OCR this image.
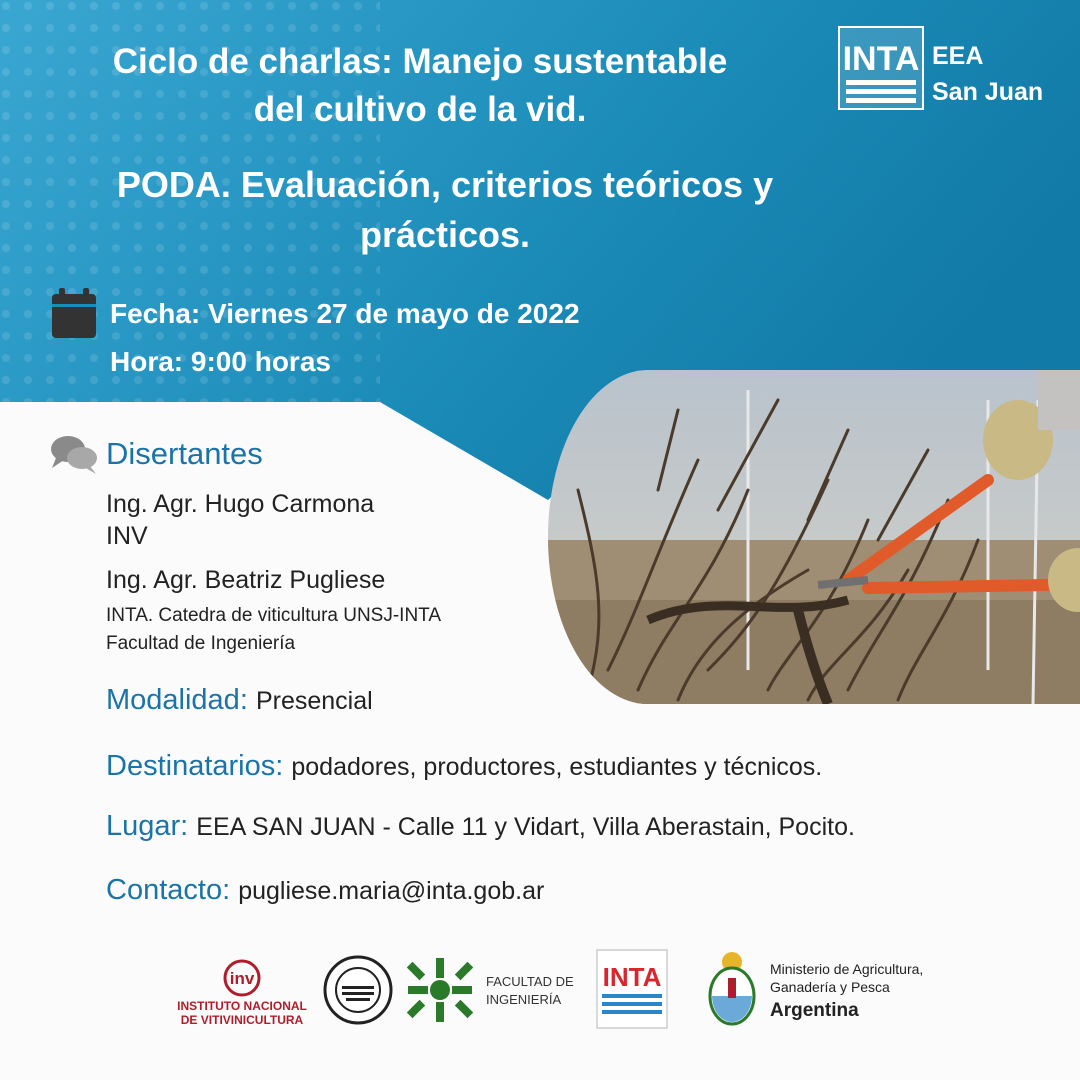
Ciclo de charlas: Manejo sustentable
del cultivo de la vid.
PODA. Evaluación, criterios teóricos y
prácticos.
INTA EEA
San Juan
Fecha: Viernes 27 de mayo de 2022
Hora: 9:00 horas
Disertantes
Ing. Agr. Hugo Carmona
INV
Ing. Agr. Beatriz Pugliese
INTA. Catedra de viticultura UNSJ-INTA
Facultad de Ingeniería
Modalidad: Presencial
Destinatarios: podadores, productores, estudiantes y técnicos.
Lugar: EEA SAN JUAN - Calle 11 y Vidart, Villa Aberastain, Pocito.
Contacto: pugliese.maria@inta.gob.ar
inv
INSTITUTO NACIONAL
DE VITIVINICULTURA
FACULTAD DE
INGENIERÍA
INTA	Ministerio de Agricultura,
Ganadería y Pesca
Argentina
